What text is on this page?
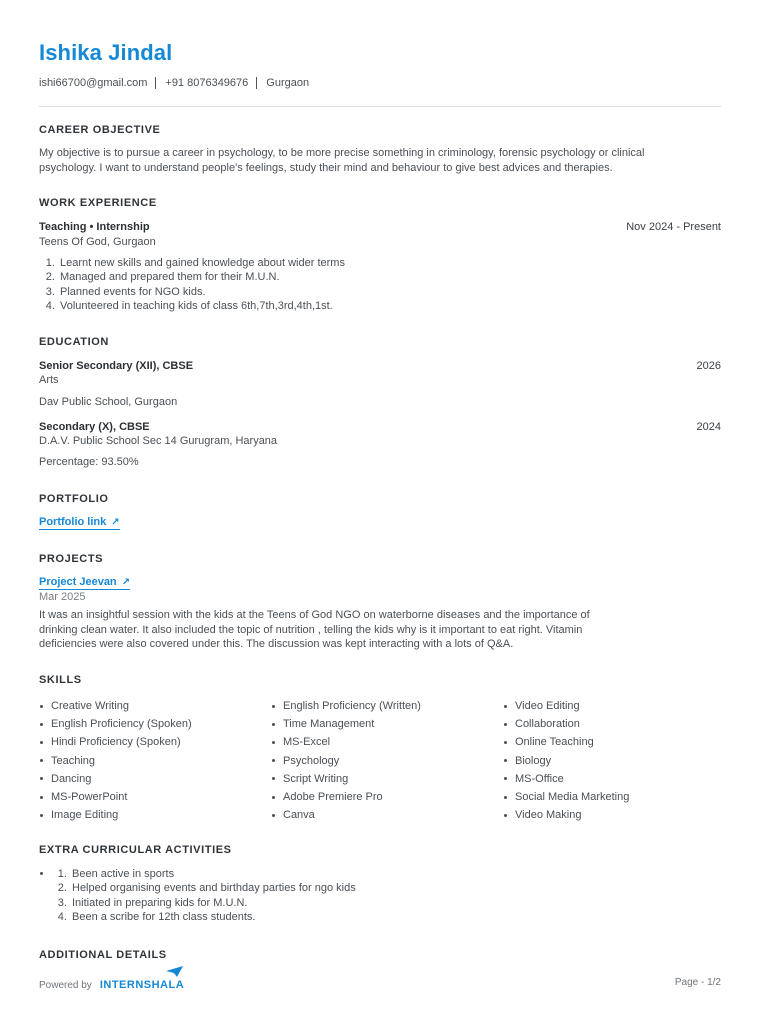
Ishika Jindal
ishi66700@gmail.com +91 8076349676 Gurgaon
CAREER OBJECTIVE
My objective is to pursue a career in psychology, to be more precise something in criminology, forensic psychology or clinical
psychology. I want to understand people's feelings, study their mind and behaviour to give best advices and therapies.
WORK EXPERIENCE
Teaching • Internship	Nov 2024 - Present
Teens Of God, Gurgaon
1. Learnt new skills and gained knowledge about wider terms
2. Managed and prepared them for their M.U.N.
3. Planned events for NGO kids.
4. Volunteered in teaching kids of class 6th,7th,3rd,4th,1st.
EDUCATION
Senior Secondary (XII), CBSE	2026
Arts
Dav Public School, Gurgaon
Secondary (X), CBSE	2024
D.A.V. Public School Sec 14 Gurugram, Haryana
Percentage: 93.50%
PORTFOLIO
Portfolio link ↗
PROJECTS
Project Jeevan ↗
Mar 2025
It was an insightful session with the kids at the Teens of God NGO on waterborne diseases and the importance of
drinking clean water. It also included the topic of nutrition , telling the kids why is it important to eat right. Vitamin
deficiencies were also covered under this. The discussion was kept interacting with a lots of Q&A.
SKILLS
Creative Writing
English Proficiency (Spoken)
Hindi Proficiency (Spoken)
Teaching
Dancing
MS-PowerPoint
Image Editing
English Proficiency (Written)
Time Management
MS-Excel
Psychology
Script Writing
Adobe Premiere Pro
Canva
Video Editing
Collaboration
Online Teaching
Biology
MS-Office
Social Media Marketing
Video Making
EXTRA CURRICULAR ACTIVITIES
1. Been active in sports
2. Helped organising events and birthday parties for ngo kids
3. Initiated in preparing kids for M.U.N.
4. Been a scribe for 12th class students.
ADDITIONAL DETAILS
Powered by INTERNSHALA	Page - 1/2
